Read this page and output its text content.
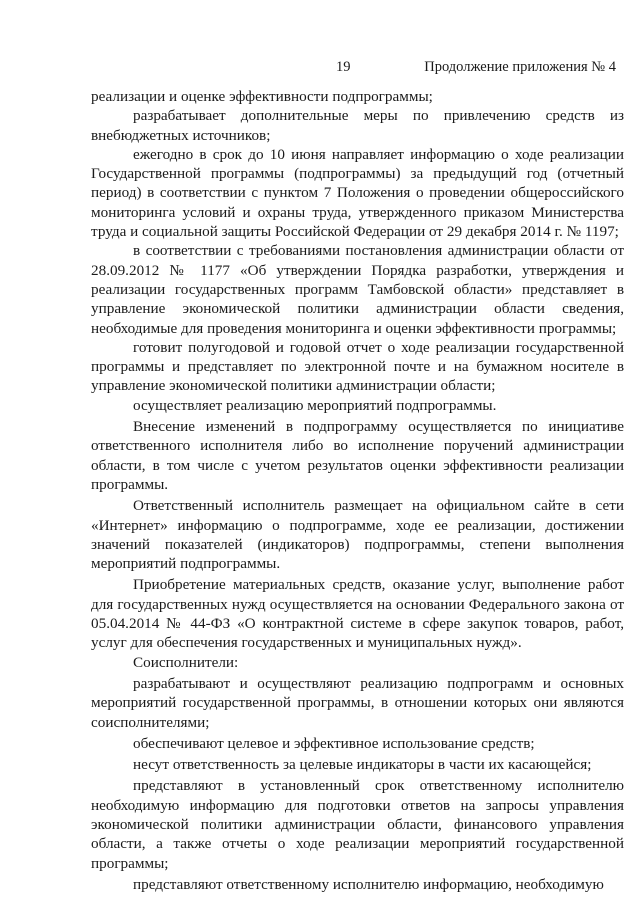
19	Продолжение приложения № 4

реализации и оценке эффективности подпрограммы;

разрабатывает дополнительные меры по привлечению средств из внебюджетных источников;

ежегодно в срок до 10 июня направляет информацию о ходе реализации Государственной программы (подпрограммы) за предыдущий год (отчетный период) в соответствии с пунктом 7 Положения о проведении общероссийского мониторинга условий и охраны труда, утвержденного приказом Министерства труда и социальной защиты Российской Федерации от 29 декабря 2014 г. № 1197;

в соответствии с требованиями постановления администрации области от 28.09.2012 № 1177 «Об утверждении Порядка разработки, утверждения и реализации государственных программ Тамбовской области» представляет в управление экономической политики администрации области сведения, необходимые для проведения мониторинга и оценки эффективности программы;

готовит полугодовой и годовой отчет о ходе реализации государственной программы и представляет по электронной почте и на бумажном носителе в управление экономической политики администрации области;

осуществляет реализацию мероприятий подпрограммы.

Внесение изменений в подпрограмму осуществляется по инициативе ответственного исполнителя либо во исполнение поручений администрации области, в том числе с учетом результатов оценки эффективности реализации программы.

Ответственный исполнитель размещает на официальном сайте в сети «Интернет» информацию о подпрограмме, ходе ее реализации, достижении значений показателей (индикаторов) подпрограммы, степени выполнения мероприятий подпрограммы.

Приобретение материальных средств, оказание услуг, выполнение работ для государственных нужд осуществляется на основании Федерального закона от 05.04.2014 № 44-ФЗ «О контрактной системе в сфере закупок товаров, работ, услуг для обеспечения государственных и муниципальных нужд».

Соисполнители:

разрабатывают и осуществляют реализацию подпрограмм и основных мероприятий государственной программы, в отношении которых они являются соисполнителями;

обеспечивают целевое и эффективное использование средств;

несут ответственность за целевые индикаторы в части их касающейся;

представляют в установленный срок ответственному исполнителю необходимую информацию для подготовки ответов на запросы управления экономической политики администрации области, финансового управления области, а также отчеты о ходе реализации мероприятий государственной программы;

представляют ответственному исполнителю информацию, необходимую
